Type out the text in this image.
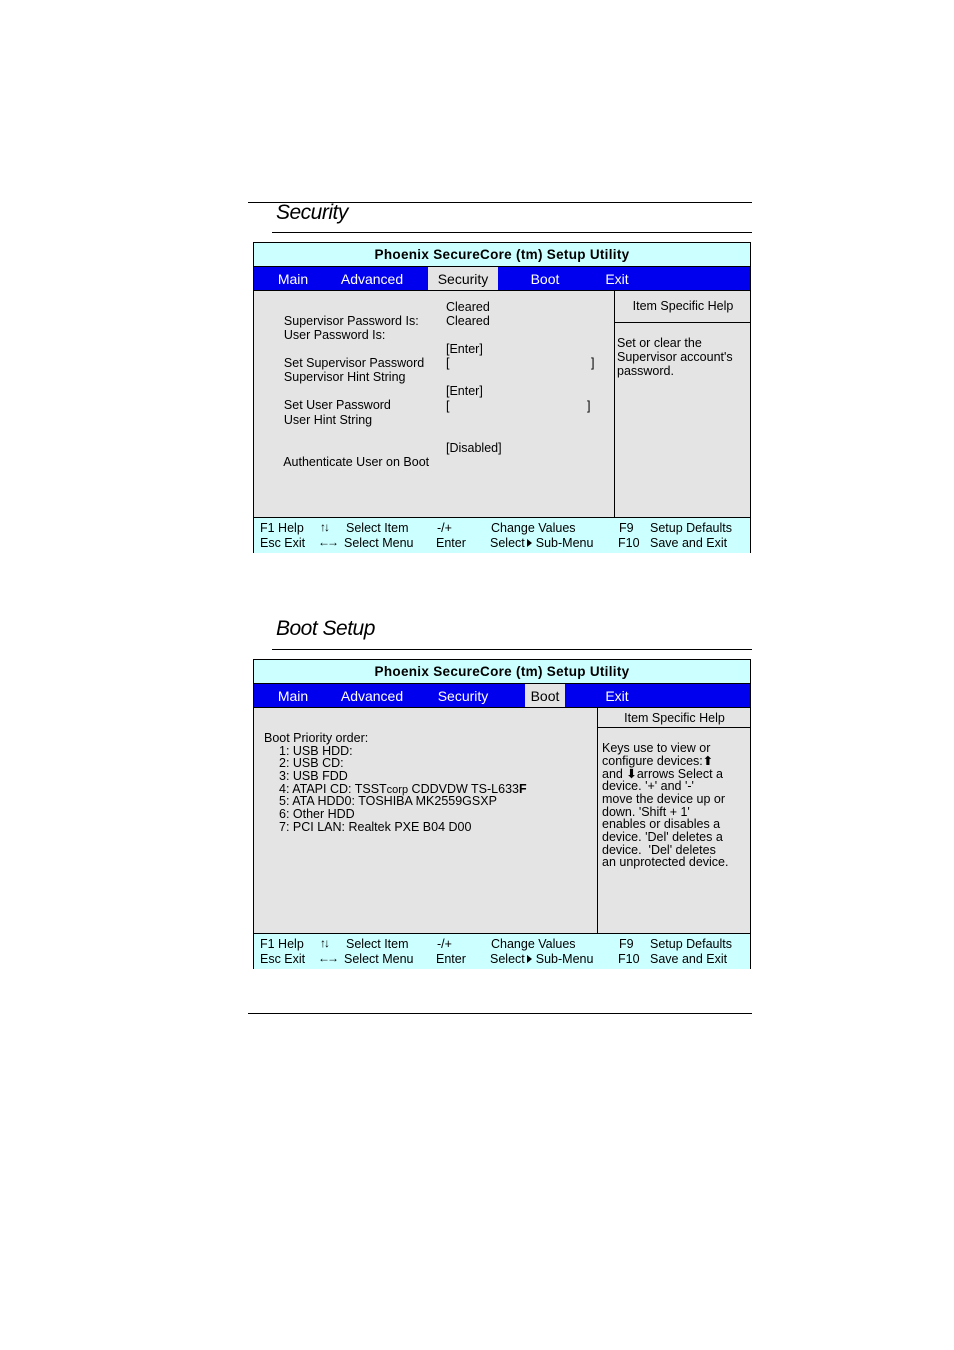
Security
Phoenix SecureCore (tm) Setup Utility
Main	Advanced	Security	Boot	Exit

Supervisor Password Is:

Cleared

User Password Is:

Cleared

Set Supervisor Password

[Enter]

Supervisor Hint String

[	]

Set User Password

[Enter]

User Hint String

[	]

Authenticate User on Boot

[Disabled]
Item Specific Help
Set or clear the
Supervisor account's
password.
F1 Help ↑↓ Select Item -/+	Change Values	F9 Setup Defaults
Esc Exit ←→ Select Menu Enter Select Sub-Menu F10 Save and Exit
Boot Setup
Phoenix SecureCore (tm) Setup Utility
Main	Advanced	Security	Boot	Exit
Boot Priority order:
1: USB HDD:
2: USB CD:
3: USB FDD
4: ATAPI CD: TSSTcorp CDDVDW TS-L633F
5: ATA HDD0: TOSHIBA MK2559GSXP
6: Other HDD
7: PCI LAN: Realtek PXE B04 D00
Item Specific Help
Keys use to view or
configure devices:⬆
and ⬇arrows Select a
device. '+' and '-'
move the device up or
down. 'Shift + 1'
enables or disables a
device. 'Del' deletes a
device.  'Del' deletes
an unprotected device.
F1 Help ↑↓ Select Item -/+	Change Values	F9 Setup Defaults
Esc Exit ←→ Select Menu Enter Select Sub-Menu F10 Save and Exit
